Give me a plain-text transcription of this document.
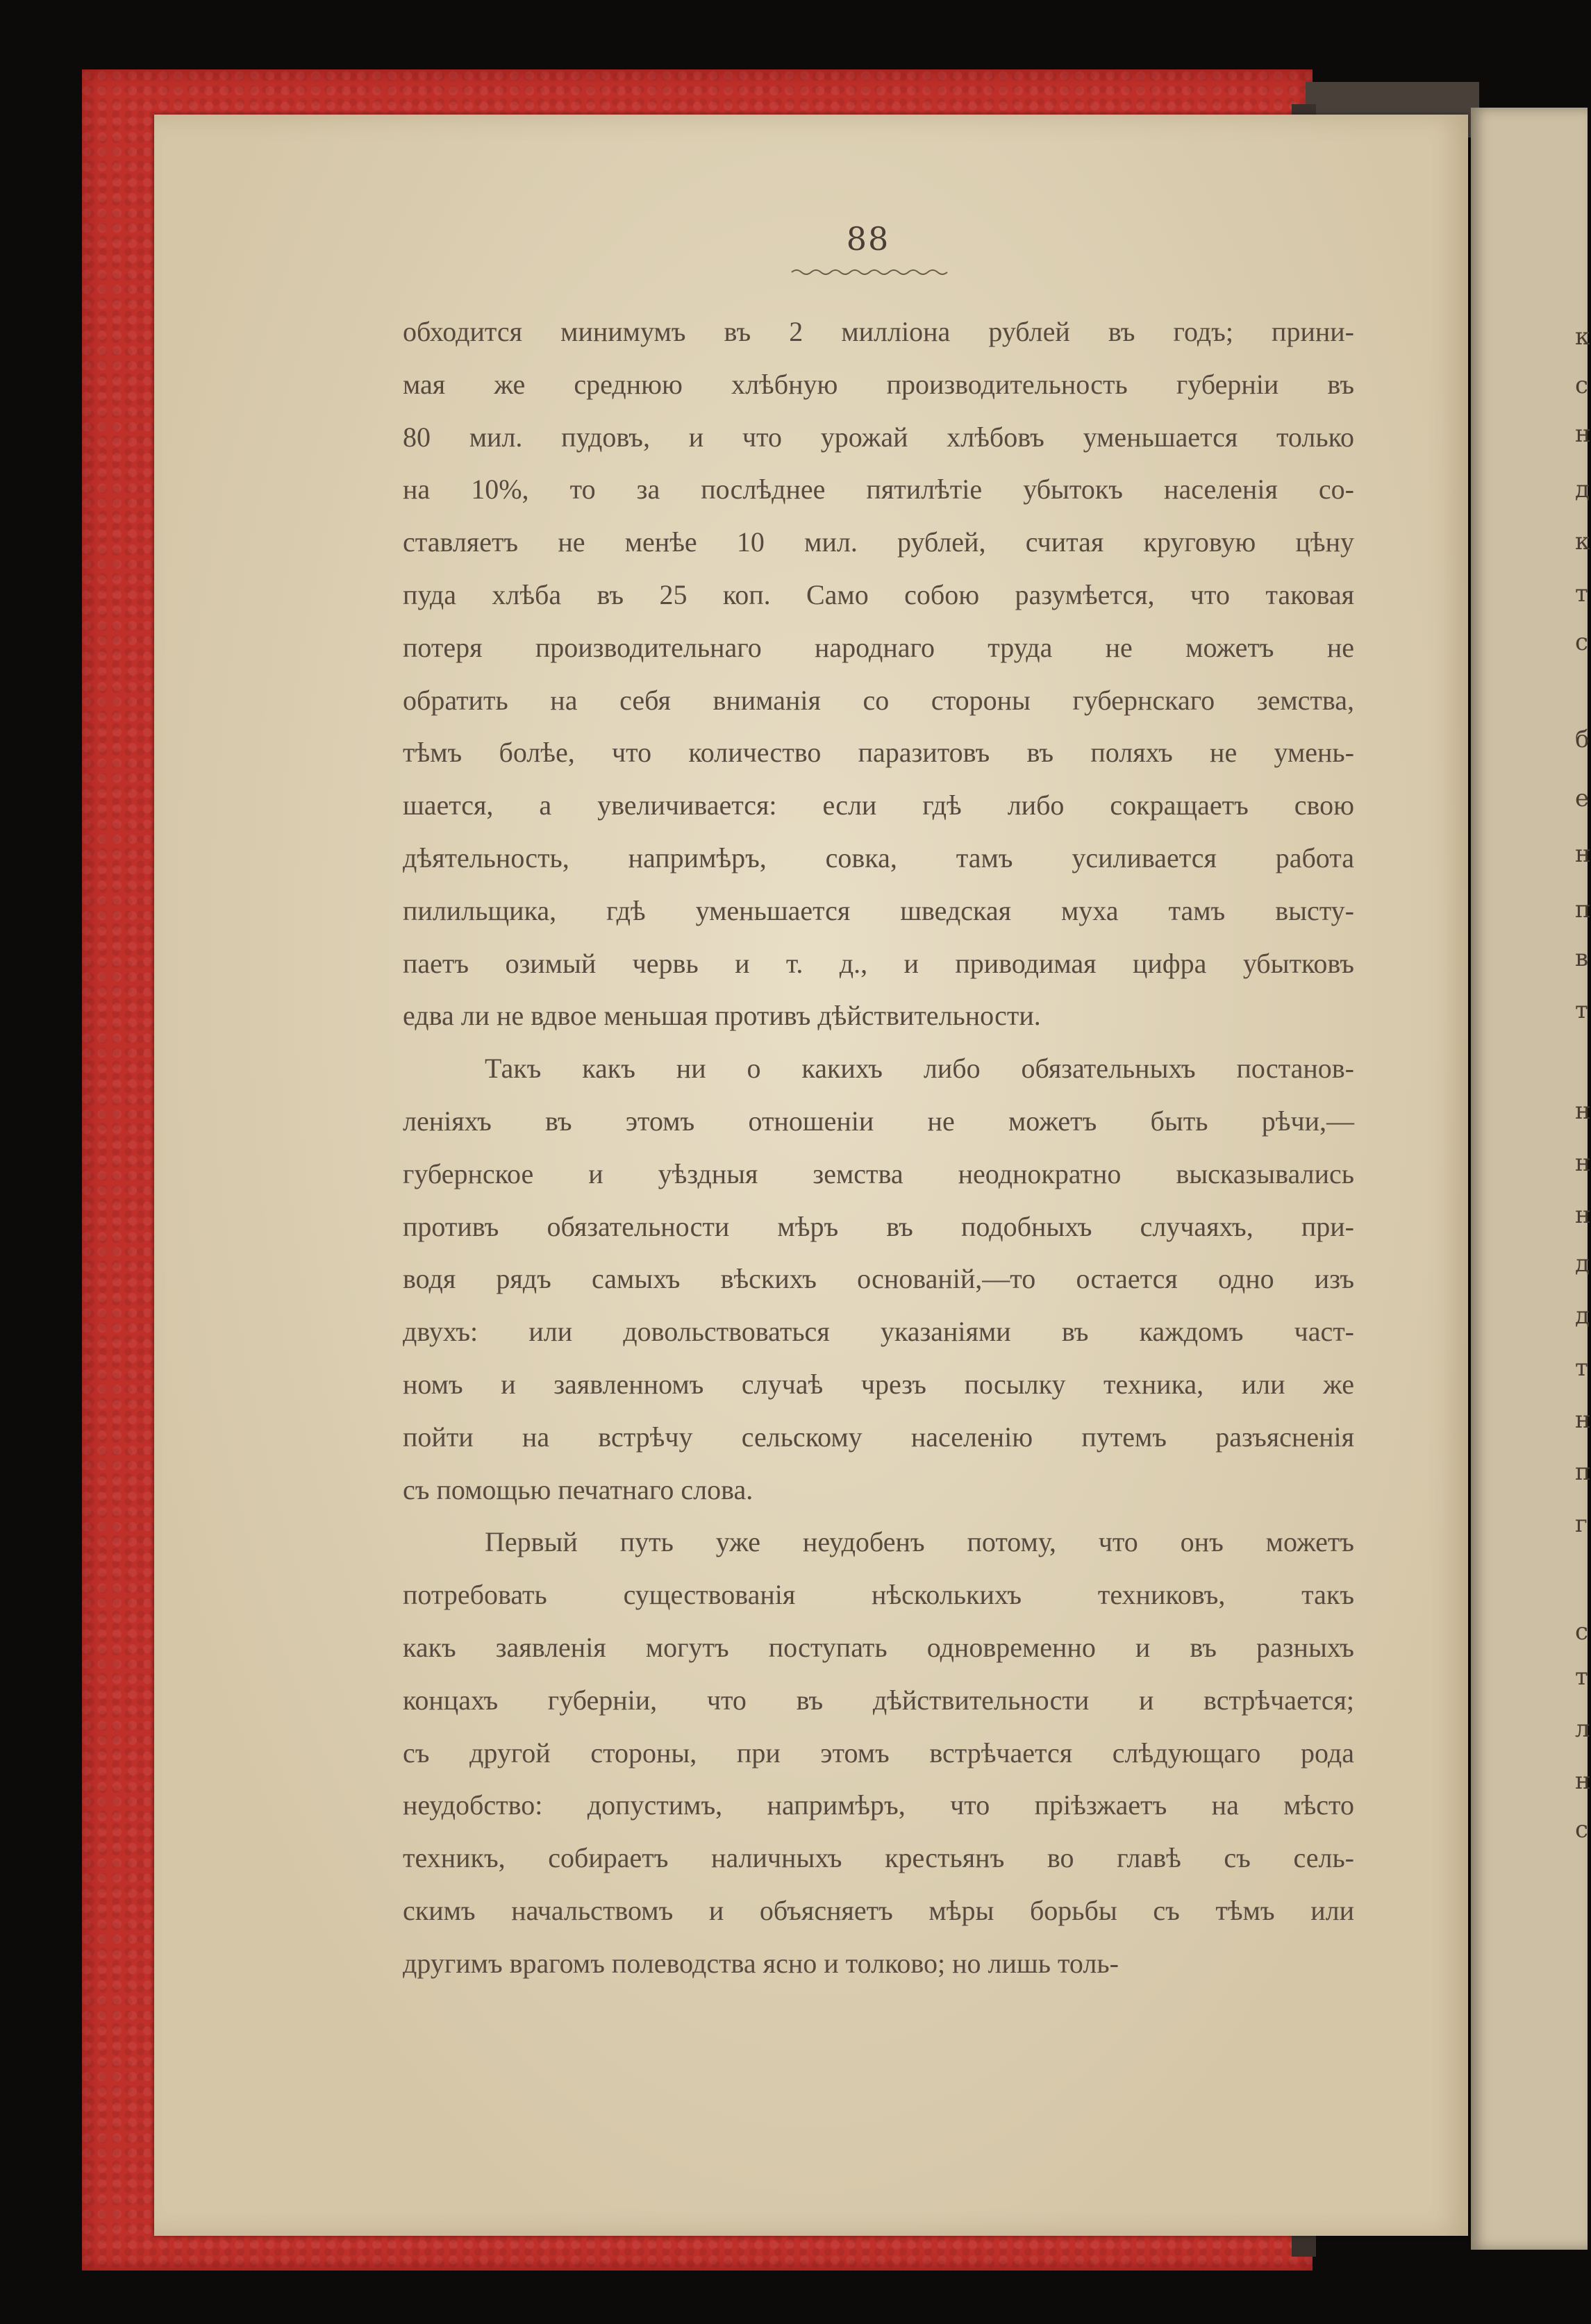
к
с
н
д
к
т
с
б
е
н
п
в
т
н
н
н
д
д
т
н
п
г
с
т
л
н
с
88
обходится минимумъ въ 2 милліона рублей въ годъ; прини-
мая же среднюю хлѣбную производительность губерніи въ
80 мил. пудовъ, и что урожай хлѣбовъ уменьшается только
на 10%, то за послѣднее пятилѣтіе убытокъ населенія со-
ставляетъ не менѣе 10 мил. рублей, считая круговую цѣну
пуда хлѣба въ 25 коп. Само собою разумѣется, что таковая
потеря производительнаго народнаго труда не можетъ не
обратить на себя вниманія со стороны губернскаго земства,
тѣмъ болѣе, что количество паразитовъ въ поляхъ не умень-
шается, а увеличивается: если гдѣ либо сокращаетъ свою
дѣятельность, напримѣръ, совка, тамъ усиливается работа
пилильщика, гдѣ уменьшается шведская муха тамъ высту-
паетъ озимый червь и т. д., и приводимая цифра убытковъ
едва ли не вдвое меньшая противъ дѣйствительности.
Такъ какъ ни о какихъ либо обязательныхъ постанов-
леніяхъ въ этомъ отношеніи не можетъ быть рѣчи,—
губернское и уѣздныя земства неоднократно высказывались
противъ обязательности мѣръ въ подобныхъ случаяхъ, при-
водя рядъ самыхъ вѣскихъ основаній,—то остается одно изъ
двухъ: или довольствоваться указаніями въ каждомъ част-
номъ и заявленномъ случаѣ чрезъ посылку техника, или же
пойти на встрѣчу сельскому населенію путемъ разъясненія
съ помощью печатнаго слова.
Первый путь уже неудобенъ потому, что онъ можетъ
потребовать существованія нѣсколькихъ техниковъ, такъ
какъ заявленія могутъ поступать одновременно и въ разныхъ
концахъ губерніи, что въ дѣйствительности и встрѣчается;
съ другой стороны, при этомъ встрѣчается слѣдующаго рода
неудобство: допустимъ, напримѣръ, что пріѣзжаетъ на мѣсто
техникъ, собираетъ наличныхъ крестьянъ во главѣ съ сель-
скимъ начальствомъ и объясняетъ мѣры борьбы съ тѣмъ или
другимъ врагомъ полеводства ясно и толково; но лишь толь-
